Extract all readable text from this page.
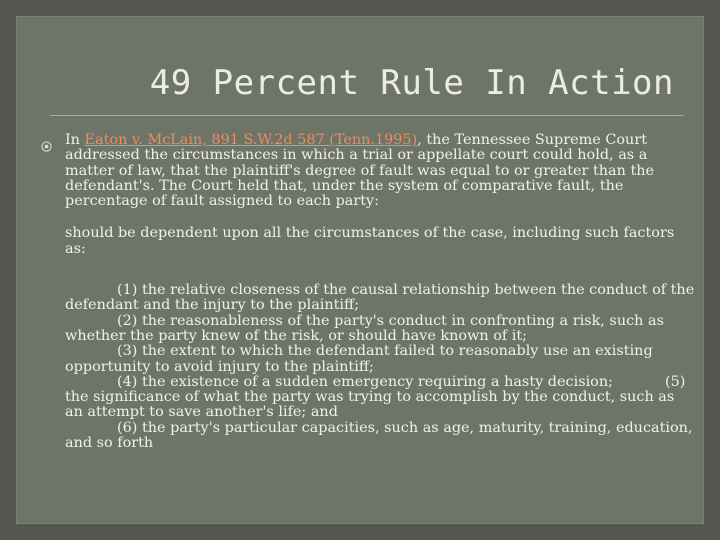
49 Percent Rule In Action

In Eaton v. McLain, 891 S.W.2d 587 (Tenn.1995), the Tennessee Supreme Court addressed the circumstances in which a trial or appellate court could hold, as a matter of law, that the plaintiff's degree of fault was equal to or greater than the defendant's. The Court held that, under the system of comparative fault, the percentage of fault assigned to each party:

should be dependent upon all the circumstances of the case, including such factors as:

(1) the relative closeness of the causal relationship between the conduct of the defendant and the injury to the plaintiff;
(2) the reasonableness of the party's conduct in confronting a risk, such as whether the party knew of the risk, or should have known of it;
(3) the extent to which the defendant failed to reasonably use an existing opportunity to avoid injury to the plaintiff;
(4) the existence of a sudden emergency requiring a hasty decision;	(5) the significance of what the party was trying to accomplish by the conduct, such as an attempt to save another's life; and
(6) the party's particular capacities, such as age, maturity, training, education, and so forth
